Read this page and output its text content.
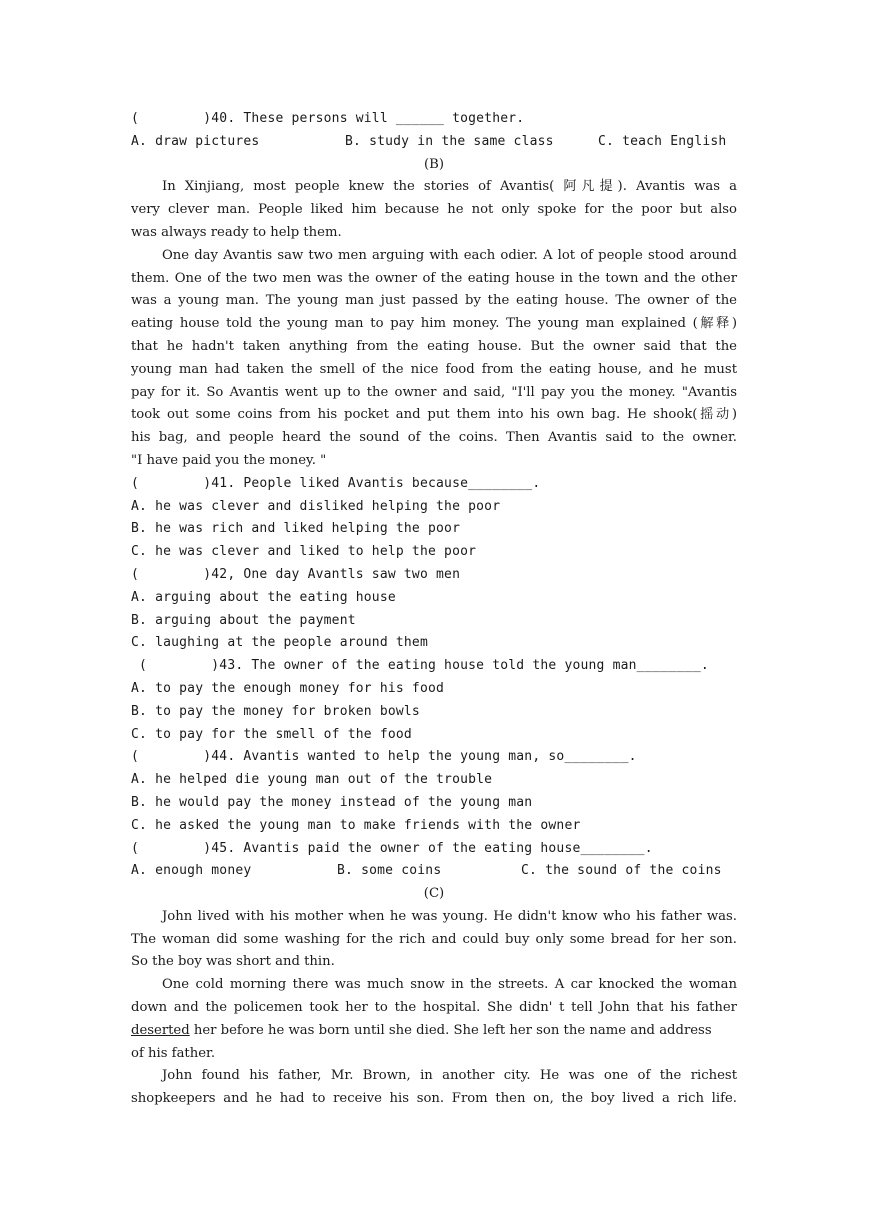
(        )40. These persons will ______ together.
A. draw pictures	B. study in the same class	C. teach English
(B)
In Xinjiang, most people knew the stories of Avantis( 阿凡提). Avantis was a
very clever man. People liked him because he not only spoke for the poor but also
was always ready to help them.
One day Avantis saw two men arguing with each odier. A lot of people stood around
them. One of the two men was the owner of the eating house in the town and the other
was a young man. The young man just passed by the eating house. The owner of the
eating house told the young man to pay him money. The young man explained (解释)
that he hadn't taken anything from the eating house. But the owner said that the
young man had taken the smell of the nice food from the eating house, and he must
pay for it. So Avantis went up to the owner and said, "I'll pay you the money. "Avantis
took out some coins from his pocket and put them into his own bag. He shook(摇动)
his bag, and people heard the sound of the coins. Then Avantis said to the owner.
"I have paid you the money. "
(        )41. People liked Avantis because________.
A. he was clever and disliked helping the poor
B. he was rich and liked helping the poor
C. he was clever and liked to help the poor
(        )42, One day Avantls saw two men
A. arguing about the eating house
B. arguing about the payment
C. laughing at the people around them
(        )43. The owner of the eating house told the young man________.
A. to pay the enough money for his food
B. to pay the money for broken bowls
C. to pay for the smell of the food
(        )44. Avantis wanted to help the young man, so________.
A. he helped die young man out of the trouble
B. he would pay the money instead of the young man
C. he asked the young man to make friends with the owner
(        )45. Avantis paid the owner of the eating house________.
A. enough money	B. some coins	C. the sound of the coins
(C)
John lived with his mother when he was young. He didn't know who his father was.
The woman did some washing for the rich and could buy only some bread for her son.
So the boy was short and thin.
One cold morning there was much snow in the streets. A car knocked the woman
down and the policemen took her to the hospital. She didn' t tell John that his father
deserted her before he was born until she died. She left her son the name and address
of his father.
John found his father, Mr. Brown, in another city. He was one of the richest
shopkeepers and he had to receive his son. From then on, the boy lived a rich life.
